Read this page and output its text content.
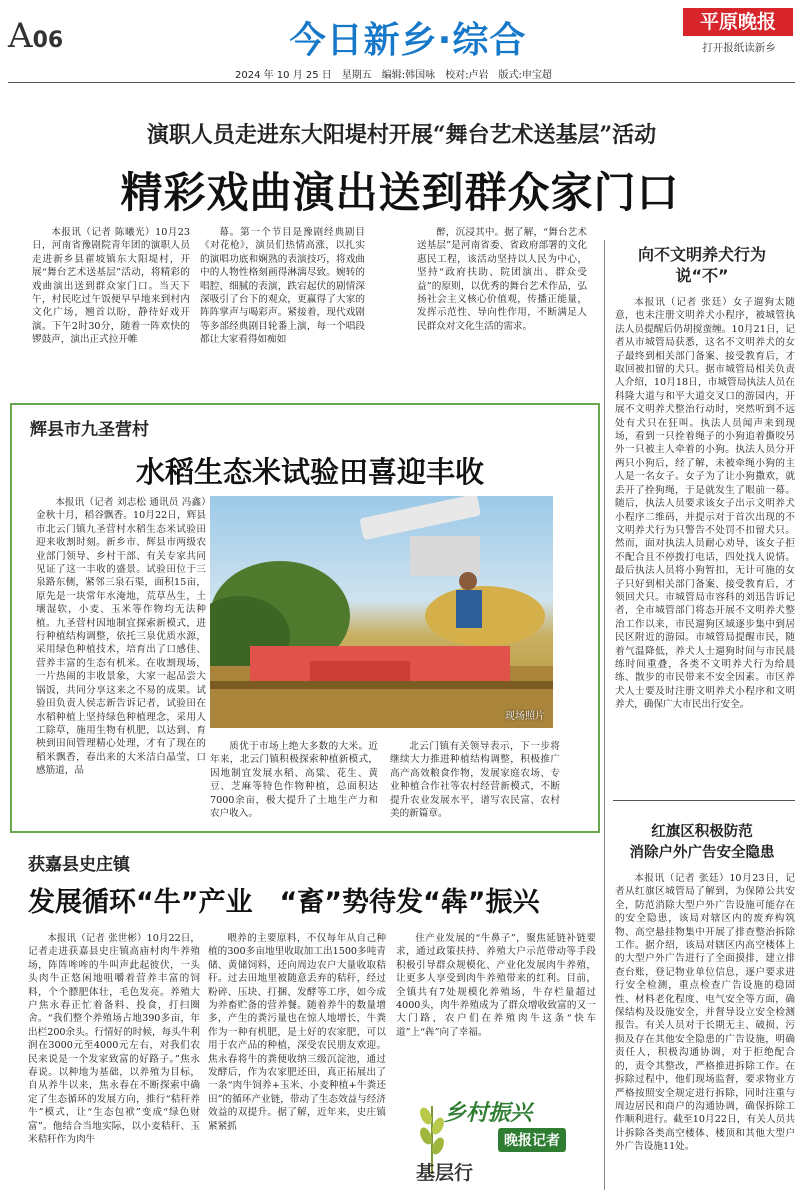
A06	今日新乡·综合	平原晚报
打开报纸读新乡
2024 年 10 月 25 日　星期五　编辑:韩国咏　校对:卢岩　版式:申宝超
演职人员走进东大阳堤村开展“舞台艺术送基层”活动
精彩戏曲演出送到群众家门口

本报讯（记者 陈曦光）10月23日，河南省豫剧院青年团的演职人员走进新乡县翟坡镇东大阳堤村，开展“舞台艺术送基层”活动，将精彩的戏曲演出送到群众家门口。当天下午，村民吃过午饭便早早地来到村内文化广场，翘首以盼，静待好戏开演。下午2时30分，随着一阵欢快的锣鼓声，演出正式拉开帷

幕。第一个节目是豫剧经典剧目《对花枪》，演员们热情高涨，以扎实的演唱功底和娴熟的表演技巧，将戏曲中的人物性格刻画得淋漓尽致。婉转的唱腔、细腻的表演，跌宕起伏的剧情深深吸引了台下的观众，更赢得了大家的阵阵掌声与喝彩声。紧接着，现代戏剧等多部经典剧目轮番上演，每一个唱段都让大家看得如痴如

醉，沉浸其中。据了解，“舞台艺术送基层”是河南省委、省政府部署的文化惠民工程，该活动坚持以人民为中心，坚持“政府扶助、院团演出、群众受益”的原则，以优秀的舞台艺术作品，弘扬社会主义核心价值观，传播正能量，发挥示范性、导向性作用，不断满足人民群众对文化生活的需求。

向不文明养犬行为
说“不”

本报讯（记者 张廷）女子遛狗太随意，也未注册文明养犬小程序，被城管执法人员提醒后仍胡搅蛮缠。10月21日，记者从市城管局获悉，这名不文明养犬的女子最终到相关部门备案、接受教育后，才取回被扣留的犬只。据市城管局相关负责人介绍，10月18日，市城管局执法人员在科隆大道与和平大道交叉口的游园内，开展不文明养犬整治行动时，突然听到不远处有犬只在狂叫。执法人员闻声来到现场，看到一只拴着绳子的小狗追着撕咬另外一只被主人牵着的小狗。执法人员分开两只小狗后，经了解，未被牵绳小狗的主人是一名女子。女子为了让小狗撒欢，就丢开了拴狗绳，于是就发生了眼前一幕。随后，执法人员要求该女子出示文明养犬小程序二维码，并提示对于首次出现的不文明养犬行为只警告不处罚不扣留犬只。然而，面对执法人员耐心劝导，该女子拒不配合且不停拨打电话，四处找人说情。最后执法人员将小狗暂扣，无计可施的女子只好到相关部门备案、接受教育后，才领回犬只。市城管局市容科的刘迅告诉记者，全市城管部门将态开展不文明养犬整治工作以来，市民遛狗区域逐步集中到居民区附近的游园。市城管局提醒市民，随着气温降低，养犬人士遛狗时间与市民晨练时间重叠，各类不文明养犬行为给晨练、散步的市民带来不安全因素。市区养犬人士要及时注册文明养犬小程序和文明养犬，确保广大市民出行安全。

红旗区积极防范
消除户外广告安全隐患

本报讯（记者 张廷）10月23日，记者从红旗区城管局了解到，为保障公共安全，防范消除大型户外广告设施可能存在的安全隐患，该局对辖区内的废弃构筑物、高空悬挂物集中开展了排查整治拆除工作。据介绍，该局对辖区内高空楼体上的大型户外广告进行了全面摸排，建立排查台账，登记物业单位信息，逐户要求进行安全检测，重点检查广告设施的稳固性、材料老化程度、电气安全等方面，确保结构及设施安全，并督导设立安全检测报告。有关人员对于长期无主、破损、污损及存在其他安全隐患的广告设施，明确责任人，积极沟通协调，对于拒绝配合的，责令其整改，严格推进拆除工作。在拆除过程中，他们现场监督，要求物业方严格按照安全规定进行拆除，同时注重与周边居民和商户的沟通协调，确保拆除工作顺利进行。截至10月22日，有关人员共计拆除各类高空楼体、楼顶和其他大型户外广告设施11处。

辉县市九圣营村
水稻生态米试验田喜迎丰收

本报讯（记者 刘志松 通讯员 冯鑫）金秋十月，稻谷飘香。10月22日，辉县市北云门镇九圣营村水稻生态米试验田迎来收割时刻。新乡市、辉县市两级农业部门领导、乡村干部、有关专家共同见证了这一丰收的盛景。试验田位于三泉路东侧，紧邻三泉石渠，面积15亩，原先是一块常年水淹地，荒草丛生，土壤湿软，小麦、玉米等作物均无法种植。九圣营村因地制宜探索新模式，进行种植结构调整，依托三泉优质水源，采用绿色种植技术，培育出了口感佳、营养丰富的生态有机米。在收割现场，一片热闹的丰收景象，大家一起品尝大锅饭，共同分享这来之不易的成果。试验田负责人侯志新告诉记者，试验田在水稻种植上坚持绿色种植理念，采用人工除草，施用生物有机肥，以达到、育秧到田间管理精心处理，才有了现在的稻米飘香，春出来的大米洁白晶莹，口感筋道，品

现场照片

质优于市场上绝大多数的大米。近年来，北云门镇积极探索种植新模式，因地制宜发展水稻、高粱、花生、黄豆、芝麻等特色作物种植，总面积达7000余亩，极大提升了土地生产力和农户收入。

北云门镇有关领导表示，下一步将继续大力推进种植结构调整，积极推广高产高效粮食作物，发展家庭农场、专业种植合作社等农村经营新模式，不断提升农业发展水平，谱写农民富、农村美的新篇章。

获嘉县史庄镇
发展循环“牛”产业　“畜”势待发“犇”振兴

本报讯（记者 张世彬）10月22日，记者走进获嘉县史庄镇高庙村肉牛养殖场，阵阵哞哞的牛叫声此起彼伏，一头头肉牛正悠闲地咀嚼着营养丰富的饲料，个个膘肥体壮，毛色发亮。养殖大户焦永春正忙着备料、投食，打扫圈舍。“我们整个养殖场占地390多亩，年出栏200余头。行情好的时候，每头牛利润在3000元至4000元左右，对我们农民来说是一个发家致富的好路子。”焦永春说。以种地为基础，以养殖为目标，自从养牛以来，焦永春在不断探索中确定了生态循环的发展方向，推行“秸秆养牛”模式，让“生态包袱”变成“绿色财富”。他结合当地实际，以小麦秸秆、玉米秸秆作为肉牛

喂养的主要原料，不仅每年从自己种植的300多亩地里收取加工出1500多吨青储、黄储饲料，还向周边农户大量收取秸秆。过去田地里被随意丢弃的秸秆，经过粉碎、压块、打捆、发酵等工序，如今成为养畜贮备的营养餐。随着养牛的数量增多，产生的粪污量也在惊人地增长，牛粪作为一种有机肥，是土好的农家肥，可以用于农产品的种植，深受农民朋友欢迎。焦永春将牛的粪便收纳三级沉淀池，通过发酵后，作为农家肥还田，真正拓展出了一条“肉牛饲养+玉米、小麦种植+牛粪还田”的循环产业链，带动了生态效益与经济效益的双提升。据了解，近年来，史庄镇紧紧抓

住产业发展的“牛鼻子”，聚焦延链补链要求，通过政策扶持、养殖大户示范带动等手段积极引导群众规模化、产业化发展肉牛养殖，让更多人享受到肉牛养殖带来的红利。目前，全镇共有7处规模化养殖场，牛存栏量超过4000头，肉牛养殖成为了群众增收致富的又一大门路，农户们在养殖肉牛这条“快车道”上“犇”向了幸福。

乡村振兴
晚报记者
基层行
